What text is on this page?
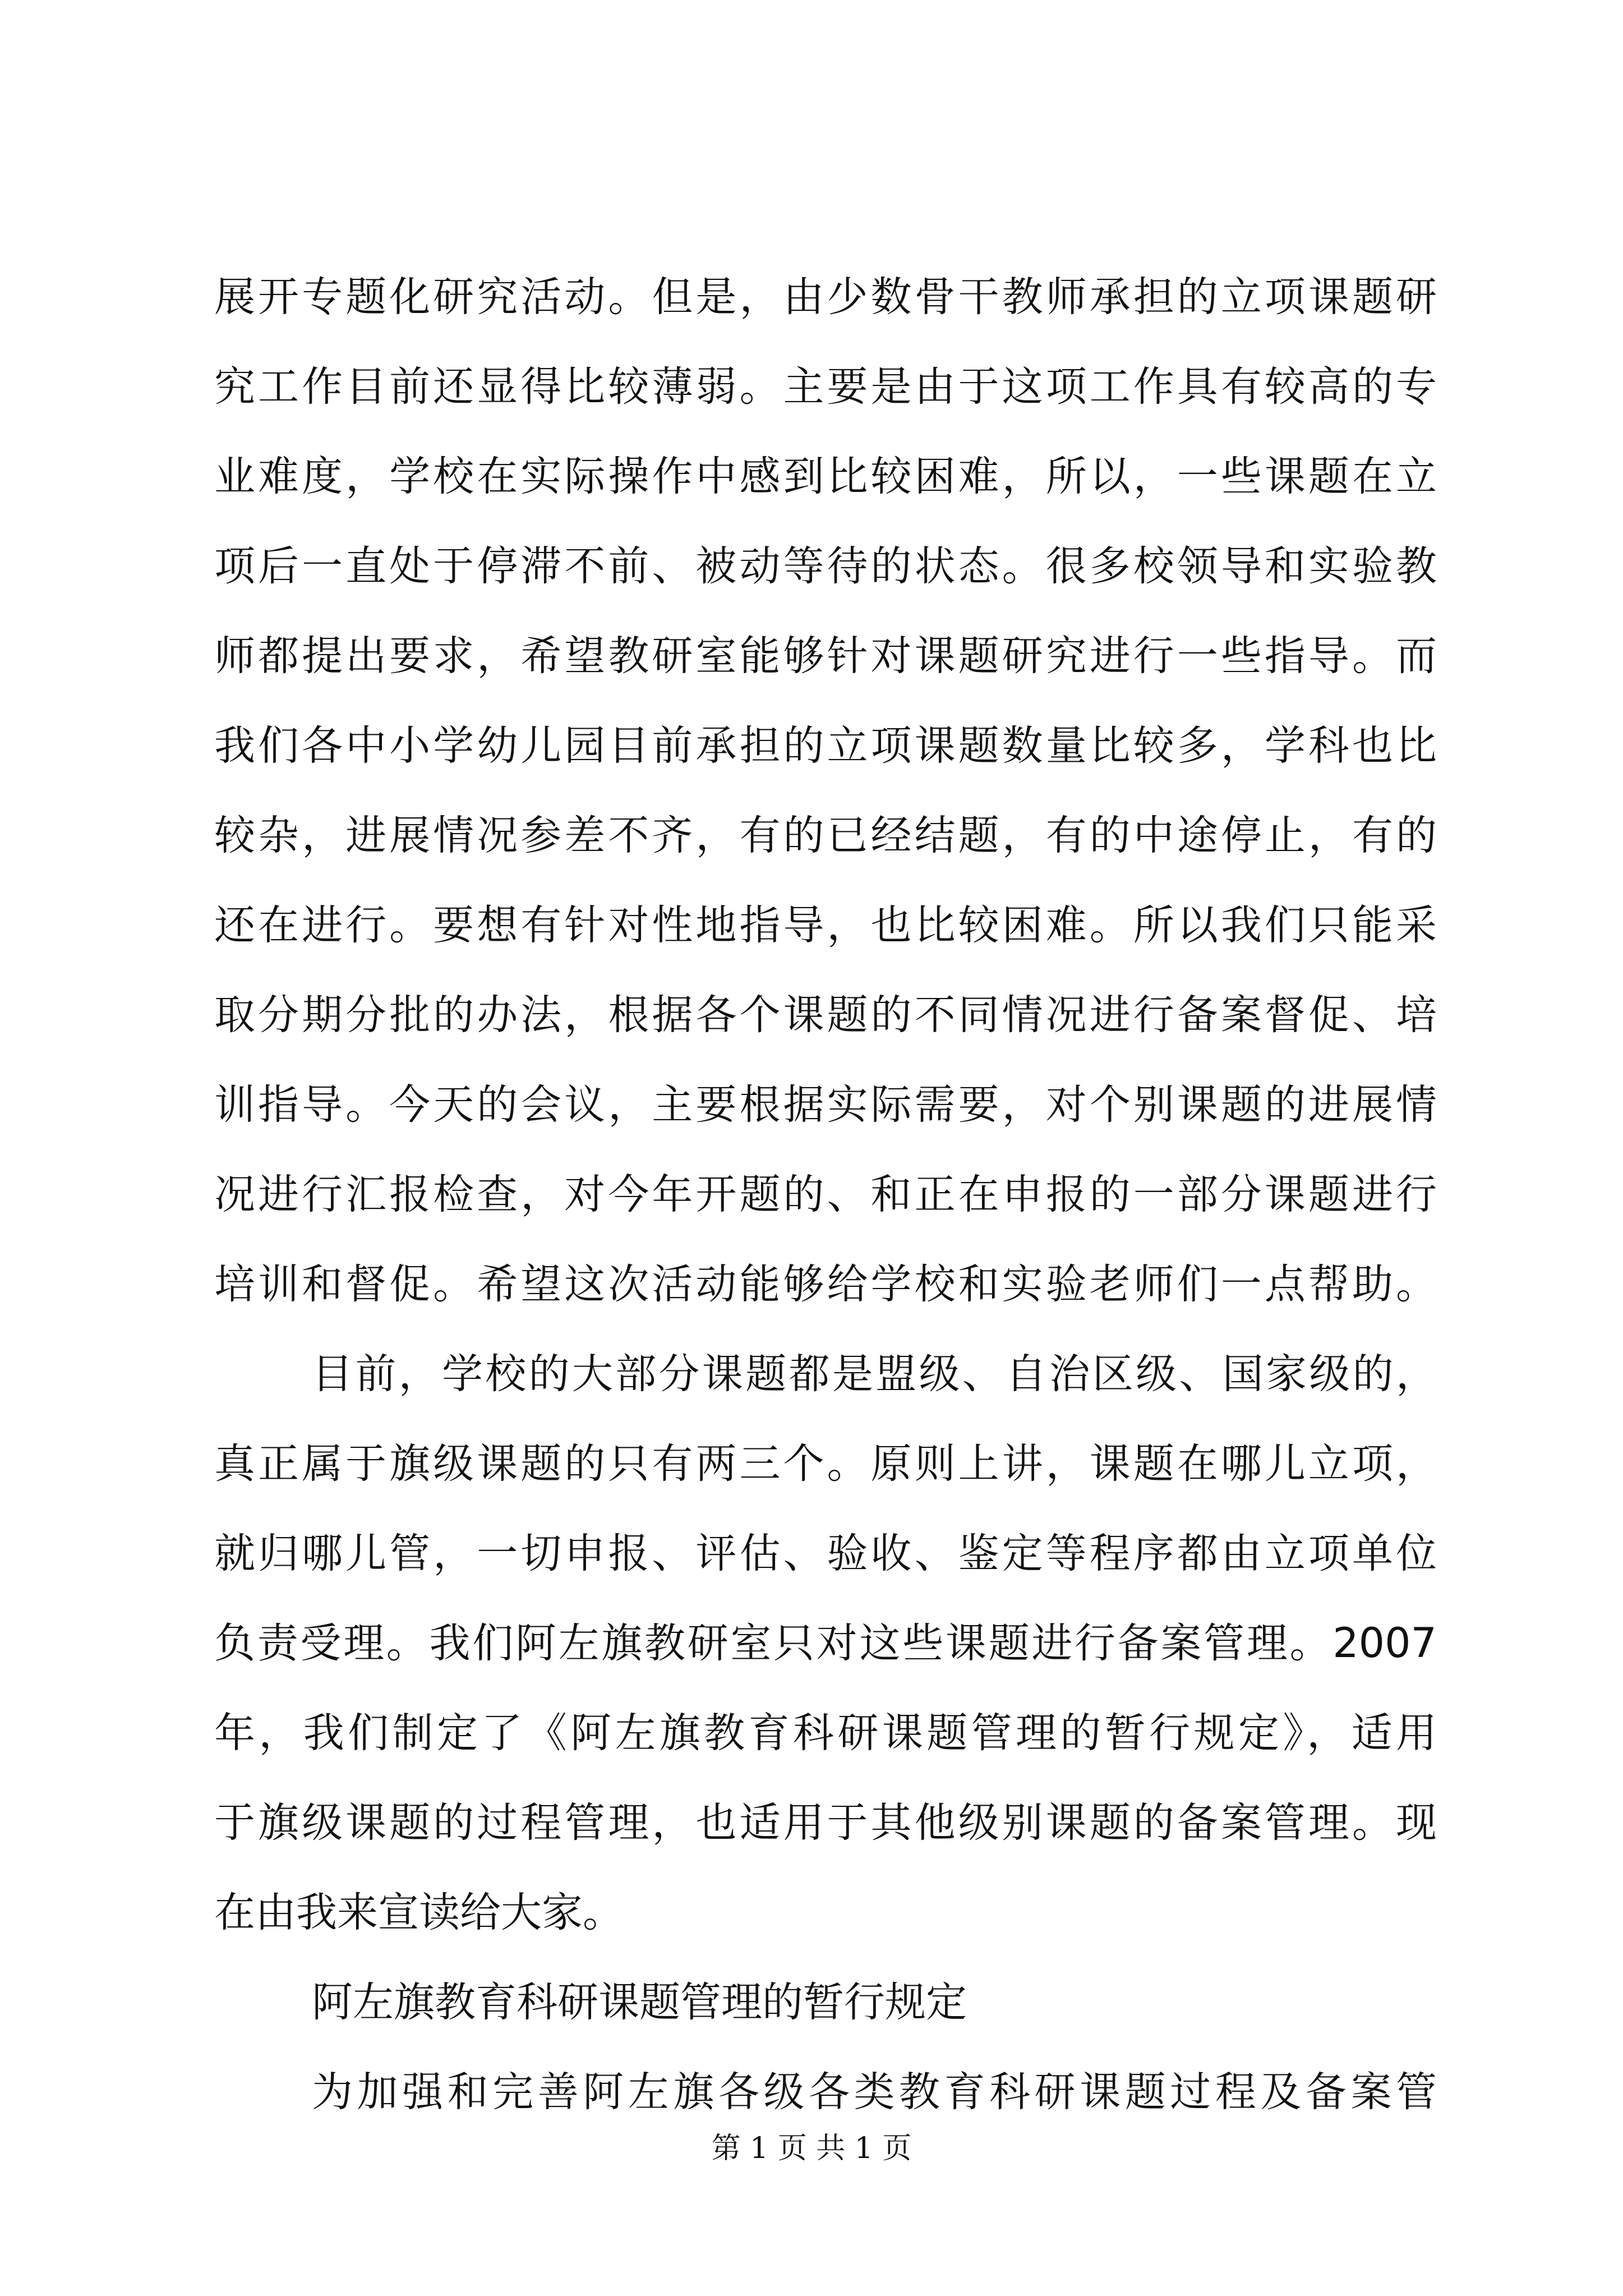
展开专题化研究活动。但是，由少数骨干教师承担的立项课题研
究工作目前还显得比较薄弱。主要是由于这项工作具有较高的专
业难度，学校在实际操作中感到比较困难，所以，一些课题在立
项后一直处于停滞不前、被动等待的状态。很多校领导和实验教
师都提出要求，希望教研室能够针对课题研究进行一些指导。而
我们各中小学幼儿园目前承担的立项课题数量比较多，学科也比
较杂，进展情况参差不齐，有的已经结题，有的中途停止，有的
还在进行。要想有针对性地指导，也比较困难。所以我们只能采
取分期分批的办法，根据各个课题的不同情况进行备案督促、培
训指导。今天的会议，主要根据实际需要，对个别课题的进展情
况进行汇报检查，对今年开题的、和正在申报的一部分课题进行
培训和督促。希望这次活动能够给学校和实验老师们一点帮助。
目前，学校的大部分课题都是盟级、自治区级、国家级的，
真正属于旗级课题的只有两三个。原则上讲，课题在哪儿立项，
就归哪儿管，一切申报、评估、验收、鉴定等程序都由立项单位
负责受理。我们阿左旗教研室只对这些课题进行备案管理。2007
年，我们制定了《阿左旗教育科研课题管理的暂行规定》，适用
于旗级课题的过程管理，也适用于其他级别课题的备案管理。现
在由我来宣读给大家。
阿左旗教育科研课题管理的暂行规定
为加强和完善阿左旗各级各类教育科研课题过程及备案管
第 1 页 共 1 页
